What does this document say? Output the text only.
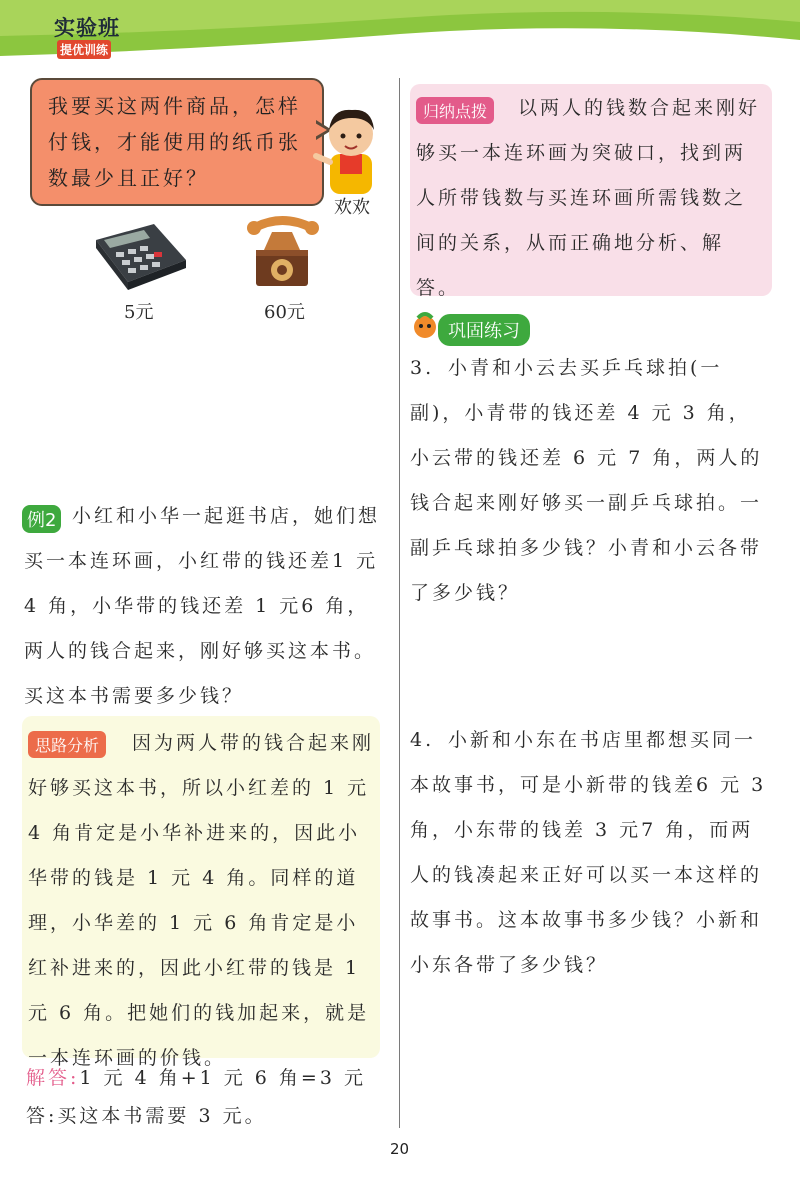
实验班
提优训练
我要买这两件商品，怎样付钱，才能使用的纸币张数最少且正好？
欢欢
5元	60元
例2 小红和小华一起逛书店，她们想买一本连环画，小红带的钱还差1 元 4 角，小华带的钱还差 1 元6 角，两人的钱合起来，刚好够买这本书。买这本书需要多少钱？
思路分析	因为两人带的钱合起来刚好够买这本书，所以小红差的 1 元 4 角肯定是小华补进来的，因此小华带的钱是 1 元 4 角。同样的道理，小华差的 1 元 6 角肯定是小红补进来的，因此小红带的钱是 1 元 6 角。把她们的钱加起来，就是一本连环画的价钱。
解答:1 元 4 角+1 元 6 角=3 元
答:买这本书需要 3 元。
归纳点拨	以两人的钱数合起来刚好够买一本连环画为突破口，找到两人所带钱数与买连环画所需钱数之间的关系，从而正确地分析、解答。
巩固练习
3. 小青和小云去买乒乓球拍(一副)，小青带的钱还差 4 元 3 角，小云带的钱还差 6 元 7 角，两人的钱合起来刚好够买一副乒乓球拍。一副乒乓球拍多少钱？小青和小云各带了多少钱？
4. 小新和小东在书店里都想买同一本故事书，可是小新带的钱差6 元 3 角，小东带的钱差 3 元7 角，而两人的钱凑起来正好可以买一本这样的故事书。这本故事书多少钱？小新和小东各带了多少钱？
20
